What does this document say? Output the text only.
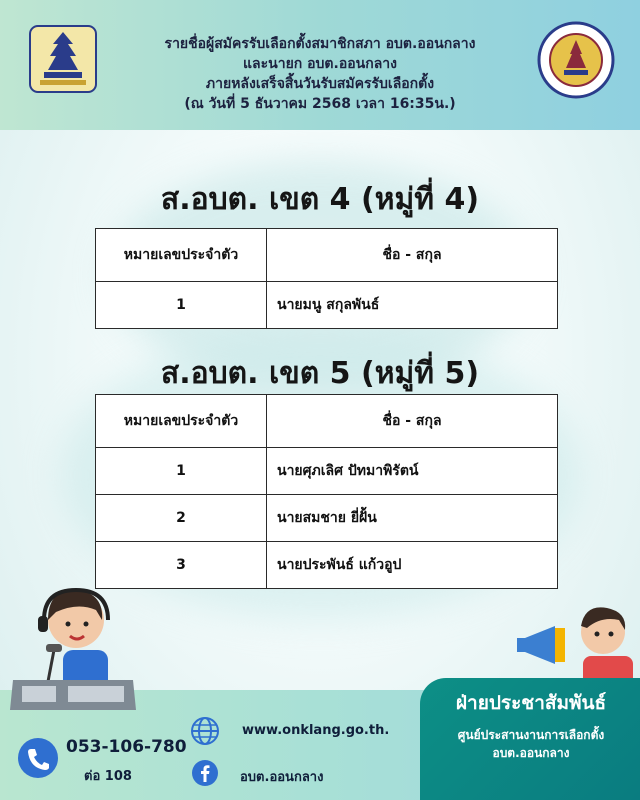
รายชื่อผู้สมัครรับเลือกตั้งสมาชิกสภา อบต.ออนกลาง
และนายก อบต.ออนกลาง
ภายหลังเสร็จสิ้นวันรับสมัครรับเลือกตั้ง
(ณ วันที่ 5 ธันวาคม 2568 เวลา 16:35น.)
ส.อบต. เขต 4 (หมู่ที่ 4)
หมายเลขประจำตัว	ชื่อ - สกุล
1	นายมนู สกุลพันธ์
ส.อบต. เขต 5 (หมู่ที่ 5)
หมายเลขประจำตัว	ชื่อ - สกุล
1	นายศุภเลิศ ปัทมาพิรัตน์
2	นายสมชาย ยี่ฝั้น
3	นายประพันธ์ แก้วอูป
053-106-780
ต่อ 108
www.onklang.go.th.
อบต.ออนกลาง
ฝ่ายประชาสัมพันธ์
ศูนย์ประสานงานการเลือกตั้ง
อบต.ออนกลาง
